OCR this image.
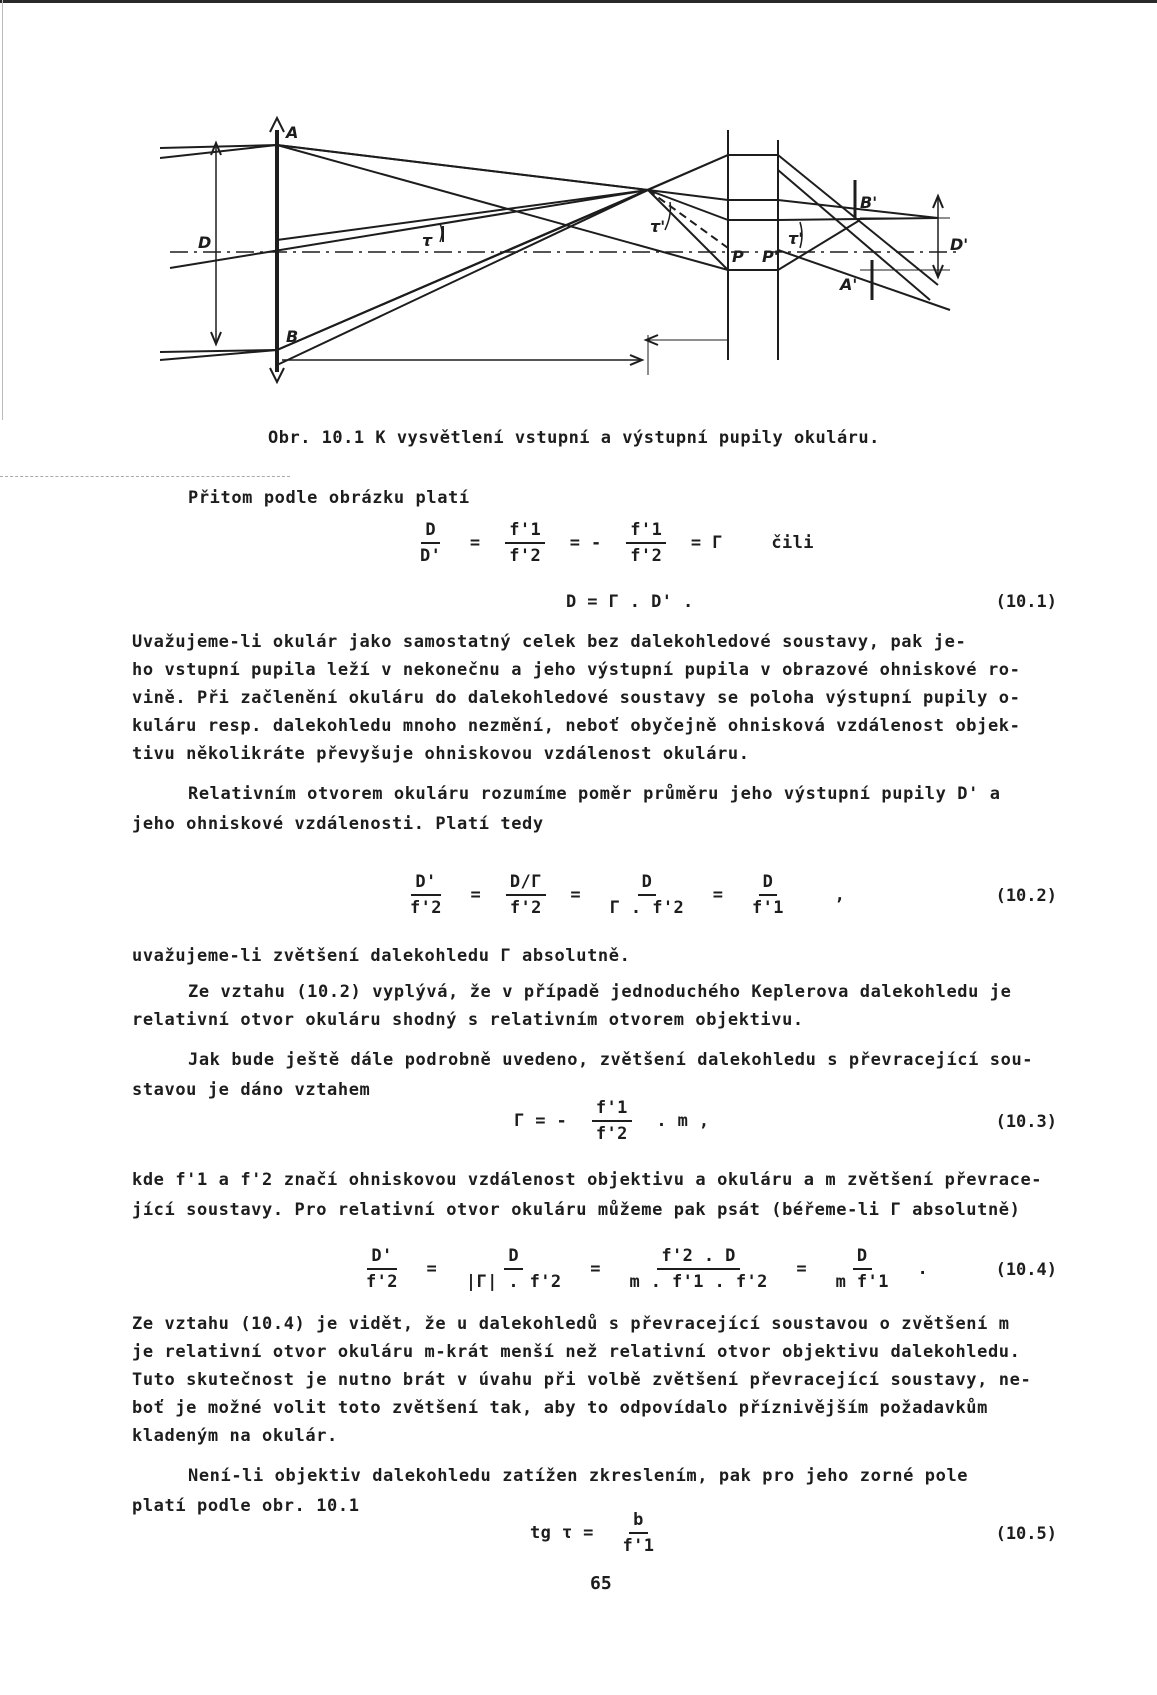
A
B
B'
A'
P P'
D	D'
τ
τ'
τ'
Obr. 10.1 K vysvětlení vstupní a výstupní pupily okuláru.
Přitom podle obrázku platí
$\frac{D}{D'} = \frac{f'1}{f'2}$ = - $\frac{f'1}{f'2} = \Gamma$	čili
D = Γ . D' .	(10.1)
Uvažujeme-li okulár jako samostatný celek bez dalekohledové soustavy, pak je-
ho vstupní pupila leží v nekonečnu a jeho výstupní pupila v obrazové ohniskové ro-
vině. Při začlenění okuláru do dalekohledové soustavy se poloha výstupní pupily o-
kuláru resp. dalekohledu mnoho nezmění, neboť obyčejně ohnisková vzdálenost objek-
tivu několikráte převyšuje ohniskovou vzdálenost okuláru.
Relativním otvorem okuláru rozumíme poměr průměru jeho výstupní pupily D' a
jeho ohniskové vzdálenosti. Platí tedy
$\frac{D'}{f'2} = \frac{D/\Gamma}{f'2} = \frac{D}{\Gamma . f'2} = \frac{D}{f'1}$	,	(10.2)
uvažujeme-li zvětšení dalekohledu Γ absolutně.
Ze vztahu (10.2) vyplývá, že v případě jednoduchého Keplerova dalekohledu je
relativní otvor okuláru shodný s relativním otvorem objektivu.
Jak bude ještě dále podrobně uvedeno, zvětšení dalekohledu s převracející sou-
stavou je dáno vztahem
Γ = - $\frac{f'1}{f'2}$ . m ,	(10.3)
kde f'1 a f'2 značí ohniskovou vzdálenost objektivu a okuláru a m zvětšení převrace-
jící soustavy. Pro relativní otvor okuláru můžeme pak psát (béřeme-li Γ absolutně)
$\frac{D'}{f'2} = \frac{D}{|\Gamma| . f'2} = \frac{f'2 . D}{m . f'1 . f'2} = \frac{D}{\text{m f'1}}$ .	(10.4)
Ze vztahu (10.4) je vidět, že u dalekohledů s převracející soustavou o zvětšení m
je relativní otvor okuláru m-krát menší než relativní otvor objektivu dalekohledu.
Tuto skutečnost je nutno brát v úvahu při volbě zvětšení převracející soustavy, ne-
boť je možné volit toto zvětšení tak, aby to odpovídalo příznivějším požadavkům
kladeným na okulár.
Není-li objektiv dalekohledu zatížen zkreslením, pak pro jeho zorné pole
platí podle obr. 10.1
tg $\tau = \frac{b}{f'1}$	(10.5)
65
